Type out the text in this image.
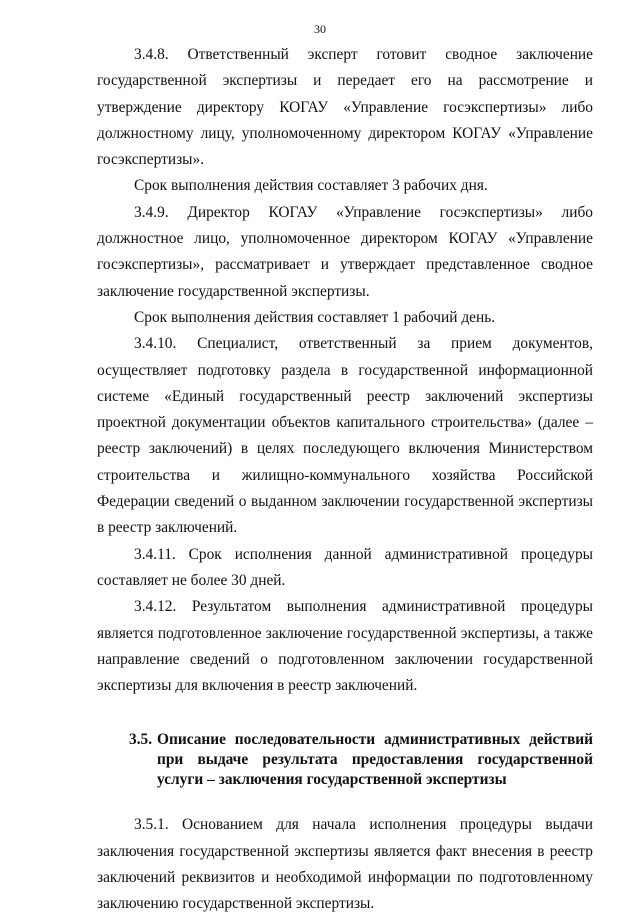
30

3.4.8. Ответственный эксперт готовит сводное заключение государственной экспертизы и передает его на рассмотрение и утверждение директору КОГАУ «Управление госэкспертизы» либо должностному лицу, уполномоченному директором КОГАУ «Управление госэкспертизы».

Срок выполнения действия составляет 3 рабочих дня.

3.4.9. Директор КОГАУ «Управление госэкспертизы» либо должностное лицо, уполномоченное директором КОГАУ «Управление госэкспертизы», рассматривает и утверждает представленное сводное заключение государственной экспертизы.

Срок выполнения действия составляет 1 рабочий день.

3.4.10. Специалист, ответственный за прием документов, осуществляет подготовку раздела в государственной информационной системе «Единый государственный реестр заключений экспертизы проектной документации объектов капитального строительства» (далее – реестр заключений) в целях последующего включения Министерством строительства и жилищно-коммунального хозяйства Российской Федерации сведений о выданном заключении государственной экспертизы в реестр заключений.

3.4.11. Срок исполнения данной административной процедуры составляет не более 30 дней.

3.4.12. Результатом выполнения административной процедуры является подготовленное заключение государственной экспертизы, а также направление сведений о подготовленном заключении государственной экспертизы для включения в реестр заключений.

3.5. Описание последовательности административных действий при выдаче результата предоставления государственной услуги – заключения государственной экспертизы

3.5.1. Основанием для начала исполнения процедуры выдачи заключения государственной экспертизы является факт внесения в реестр заключений реквизитов и необходимой информации по подготовленному заключению государственной экспертизы.
